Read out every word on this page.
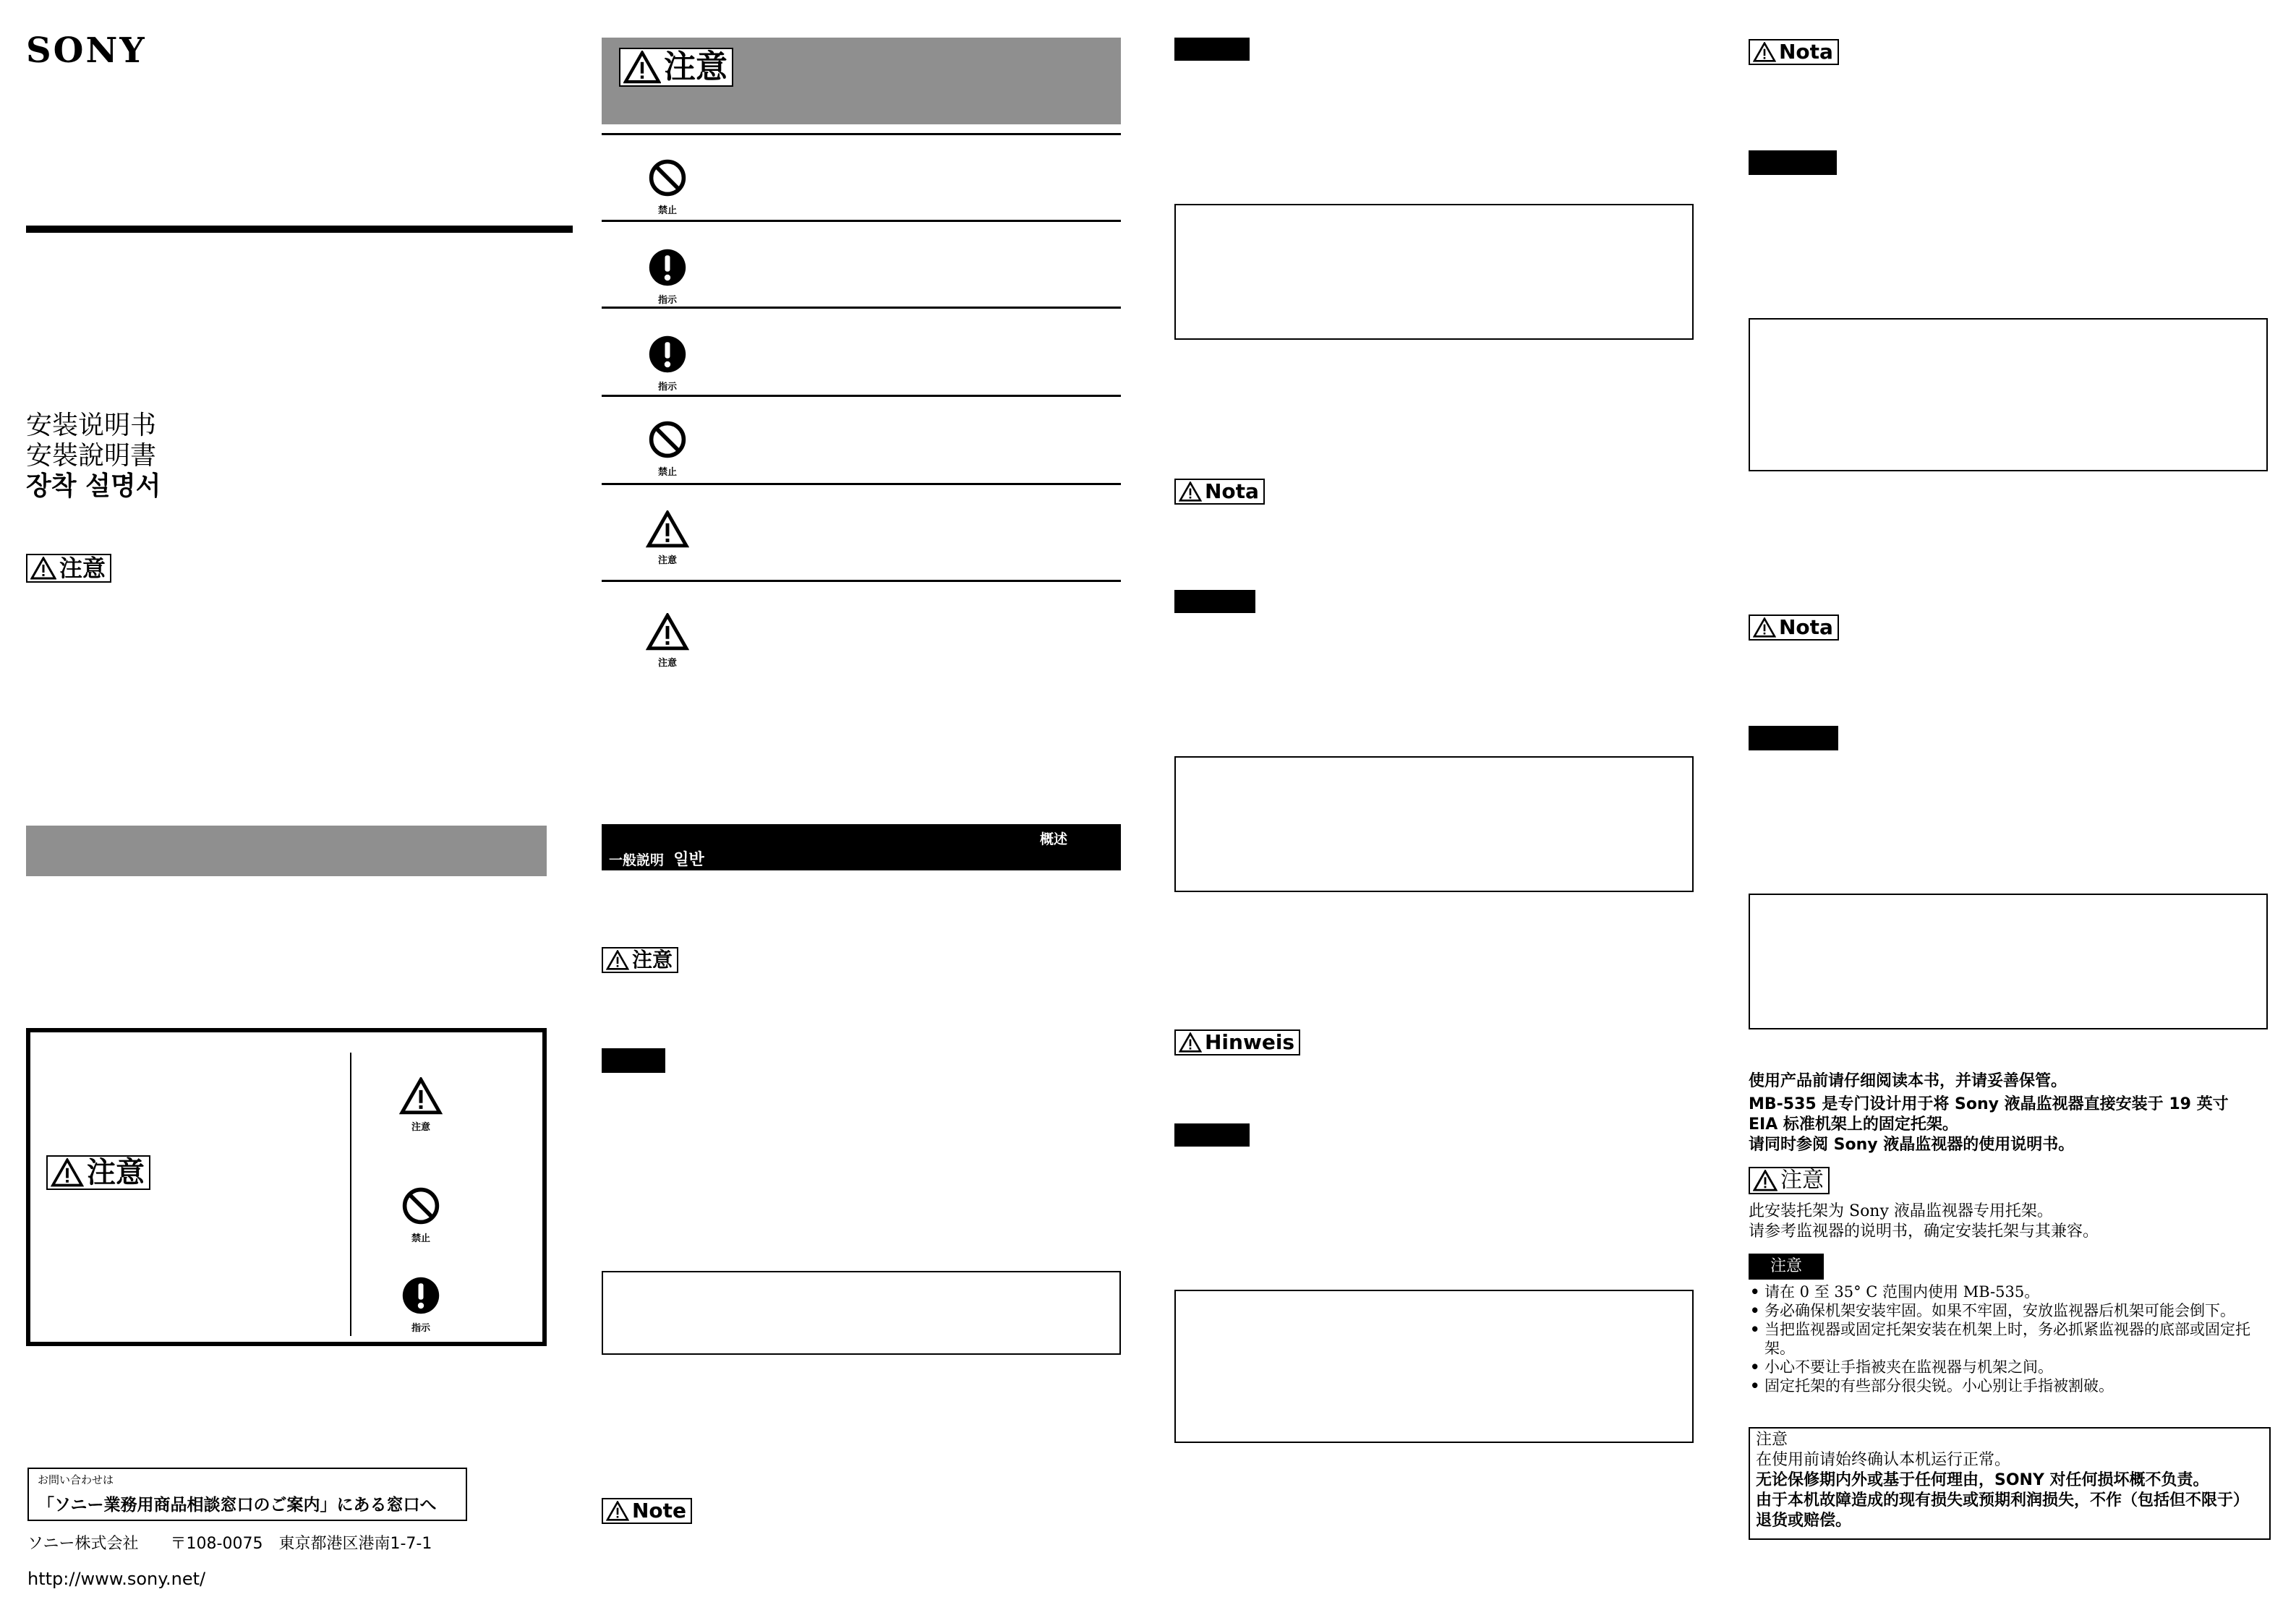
SONY
安装说明书
安裝說明書
장착 설명서
注意
注意
注意
禁止
指示
お問い合わせは
「ソニー業務用商品相談窓口のご案内」にある窓口へ
ソニー株式会社　　〒108-0075　東京都港区港南1-7-1
http://www.sony.net/
注意
禁止
指示
指示
禁止
注意
注意
概述
一般説明 일반
注意
Note
Nota
Hinweis
Nota
Nota
使用产品前请仔细阅读本书，并请妥善保管。
MB-535 是专门设计用于将 Sony 液晶监视器直接安装于 19 英寸
EIA 标准机架上的固定托架。
请同时参阅 Sony 液晶监视器的使用说明书。
注意
此安装托架为 Sony 液晶监视器专用托架。
请参考监视器的说明书，确定安装托架与其兼容。
注意
• 请在 0 至 35° C 范围内使用 MB-535。
• 务必确保机架安装牢固。如果不牢固，安放监视器后机架可能会倒下。
• 当把监视器或固定托架安装在机架上时，务必抓紧监视器的底部或固定托架。
• 小心不要让手指被夹在监视器与机架之间。
• 固定托架的有些部分很尖锐。小心别让手指被割破。
注意
在使用前请始终确认本机运行正常。
无论保修期内外或基于任何理由，SONY 对任何损坏概不负责。
由于本机故障造成的现有损失或预期利润损失，不作（包括但不限于）退货或赔偿。
